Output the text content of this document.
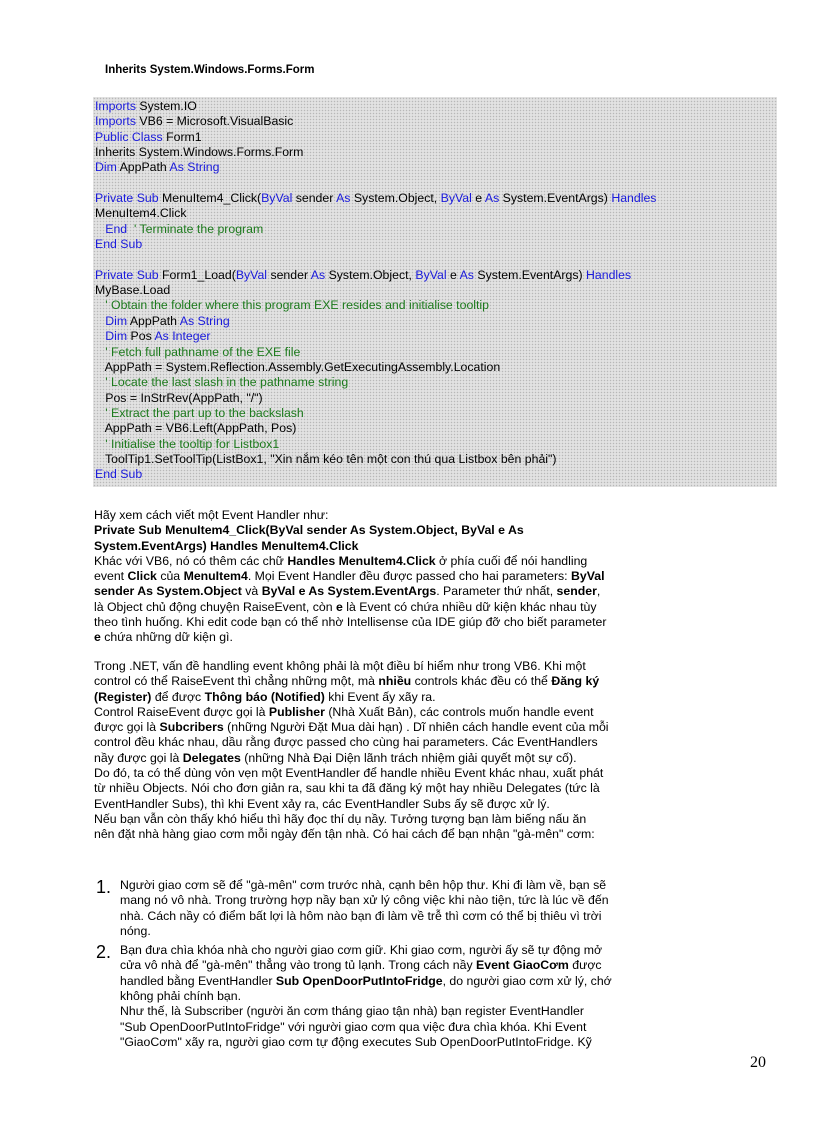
Inherits System.Windows.Forms.Form
Imports System.IO
Imports VB6 = Microsoft.VisualBasic
Public Class Form1
Inherits System.Windows.Forms.Form
Dim AppPath As String
Private Sub MenuItem4_Click(ByVal sender As System.Object, ByVal e As System.EventArgs) Handles
MenuItem4.Click
End ' Terminate the program
End Sub
Private Sub Form1_Load(ByVal sender As System.Object, ByVal e As System.EventArgs) Handles
MyBase.Load
' Obtain the folder where this program EXE resides and initialise tooltip
Dim AppPath As String
Dim Pos As Integer
' Fetch full pathname of the EXE file
AppPath = System.Reflection.Assembly.GetExecutingAssembly.Location
' Locate the last slash in the pathname string
Pos = InStrRev(AppPath, "/")
' Extract the part up to the backslash
AppPath = VB6.Left(AppPath, Pos)
' Initialise the tooltip for Listbox1
ToolTip1.SetToolTip(ListBox1, "Xin nắm kéo tên một con thú qua Listbox bên phải")
End Sub

Hãy xem cách viết một Event Handler như:

Private Sub MenuItem4_Click(ByVal sender As System.Object, ByVal e As

System.EventArgs) Handles MenuItem4.Click

Khác với VB6, nó có thêm các chữ Handles MenuItem4.Click ở phía cuối để nói handling

event Click của MenuItem4. Mọi Event Handler đều được passed cho hai parameters: ByVal

sender As System.Object và ByVal e As System.EventArgs. Parameter thứ nhất, sender,

là Object chủ động chuyện RaiseEvent, còn e là Event có chứa nhiều dữ kiện khác nhau tùy

theo tình huống. Khi edit code bạn có thể nhờ Intellisense của IDE giúp đỡ cho biết parameter

e chứa những dữ kiện gì.

Trong .NET, vấn đề handling event không phải là một điều bí hiểm như trong VB6. Khi một

control có thể RaiseEvent thì chẳng những một, mà nhiều controls khác đều có thể Đăng ký

(Register) để được Thông báo (Notified) khi Event ấy xãy ra.

Control RaiseEvent được gọi là Publisher (Nhà Xuất Bản), các controls muốn handle event

được gọi là Subcribers (những Người Đặt Mua dài hạn) . Dĩ nhiên cách handle event của mỗi

control đều khác nhau, dầu rằng được passed cho cùng hai parameters. Các EventHandlers

nầy được gọi là Delegates (những Nhà Đại Diện lãnh trách nhiệm giải quyết một sự cố).

Do đó, ta có thể dùng vỏn vẹn một EventHandler để handle nhiều Event khác nhau, xuất phát

từ nhiều Objects. Nói cho đơn giản ra, sau khi ta đã đăng ký một hay nhiều Delegates (tức là

EventHandler Subs), thì khi Event xảy ra, các EventHandler Subs ấy sẽ được xử lý.

Nếu bạn vẫn còn thấy khó hiểu thì hãy đọc thí dụ nầy. Tưởng tượng bạn làm biếng nấu ăn

nên đặt nhà hàng giao cơm mỗi ngày đến tận nhà. Có hai cách để bạn nhận "gà-mên" cơm:

1. Người giao cơm sẽ để "gà-mên" cơm trước nhà, cạnh bên hộp thư. Khi đi làm về, bạn sẽ
mang nó vô nhà. Trong trường hợp nầy bạn xử lý công việc khi nào tiện, tức là lúc về đến
nhà. Cách nầy có điểm bất lợi là hôm nào bạn đi làm về trễ thì cơm có thể bị thiêu vì trời
nóng.
2. Bạn đưa chìa khóa nhà cho người giao cơm giữ. Khi giao cơm, người ấy sẽ tự động mở
cửa vô nhà để "gà-mên" thẳng vào trong tủ lạnh. Trong cách nầy Event GiaoCơm được
handled bằng EventHandler Sub OpenDoorPutIntoFridge, do người giao cơm xử lý, chớ
không phải chính bạn.
Như thế, là Subscriber (người ăn cơm tháng giao tận nhà) bạn register EventHandler
"Sub OpenDoorPutIntoFridge" với người giao cơm qua việc đưa chìa khóa. Khi Event
"GiaoCơm" xãy ra, người giao cơm tự động executes Sub OpenDoorPutIntoFridge. Kỹ
20
